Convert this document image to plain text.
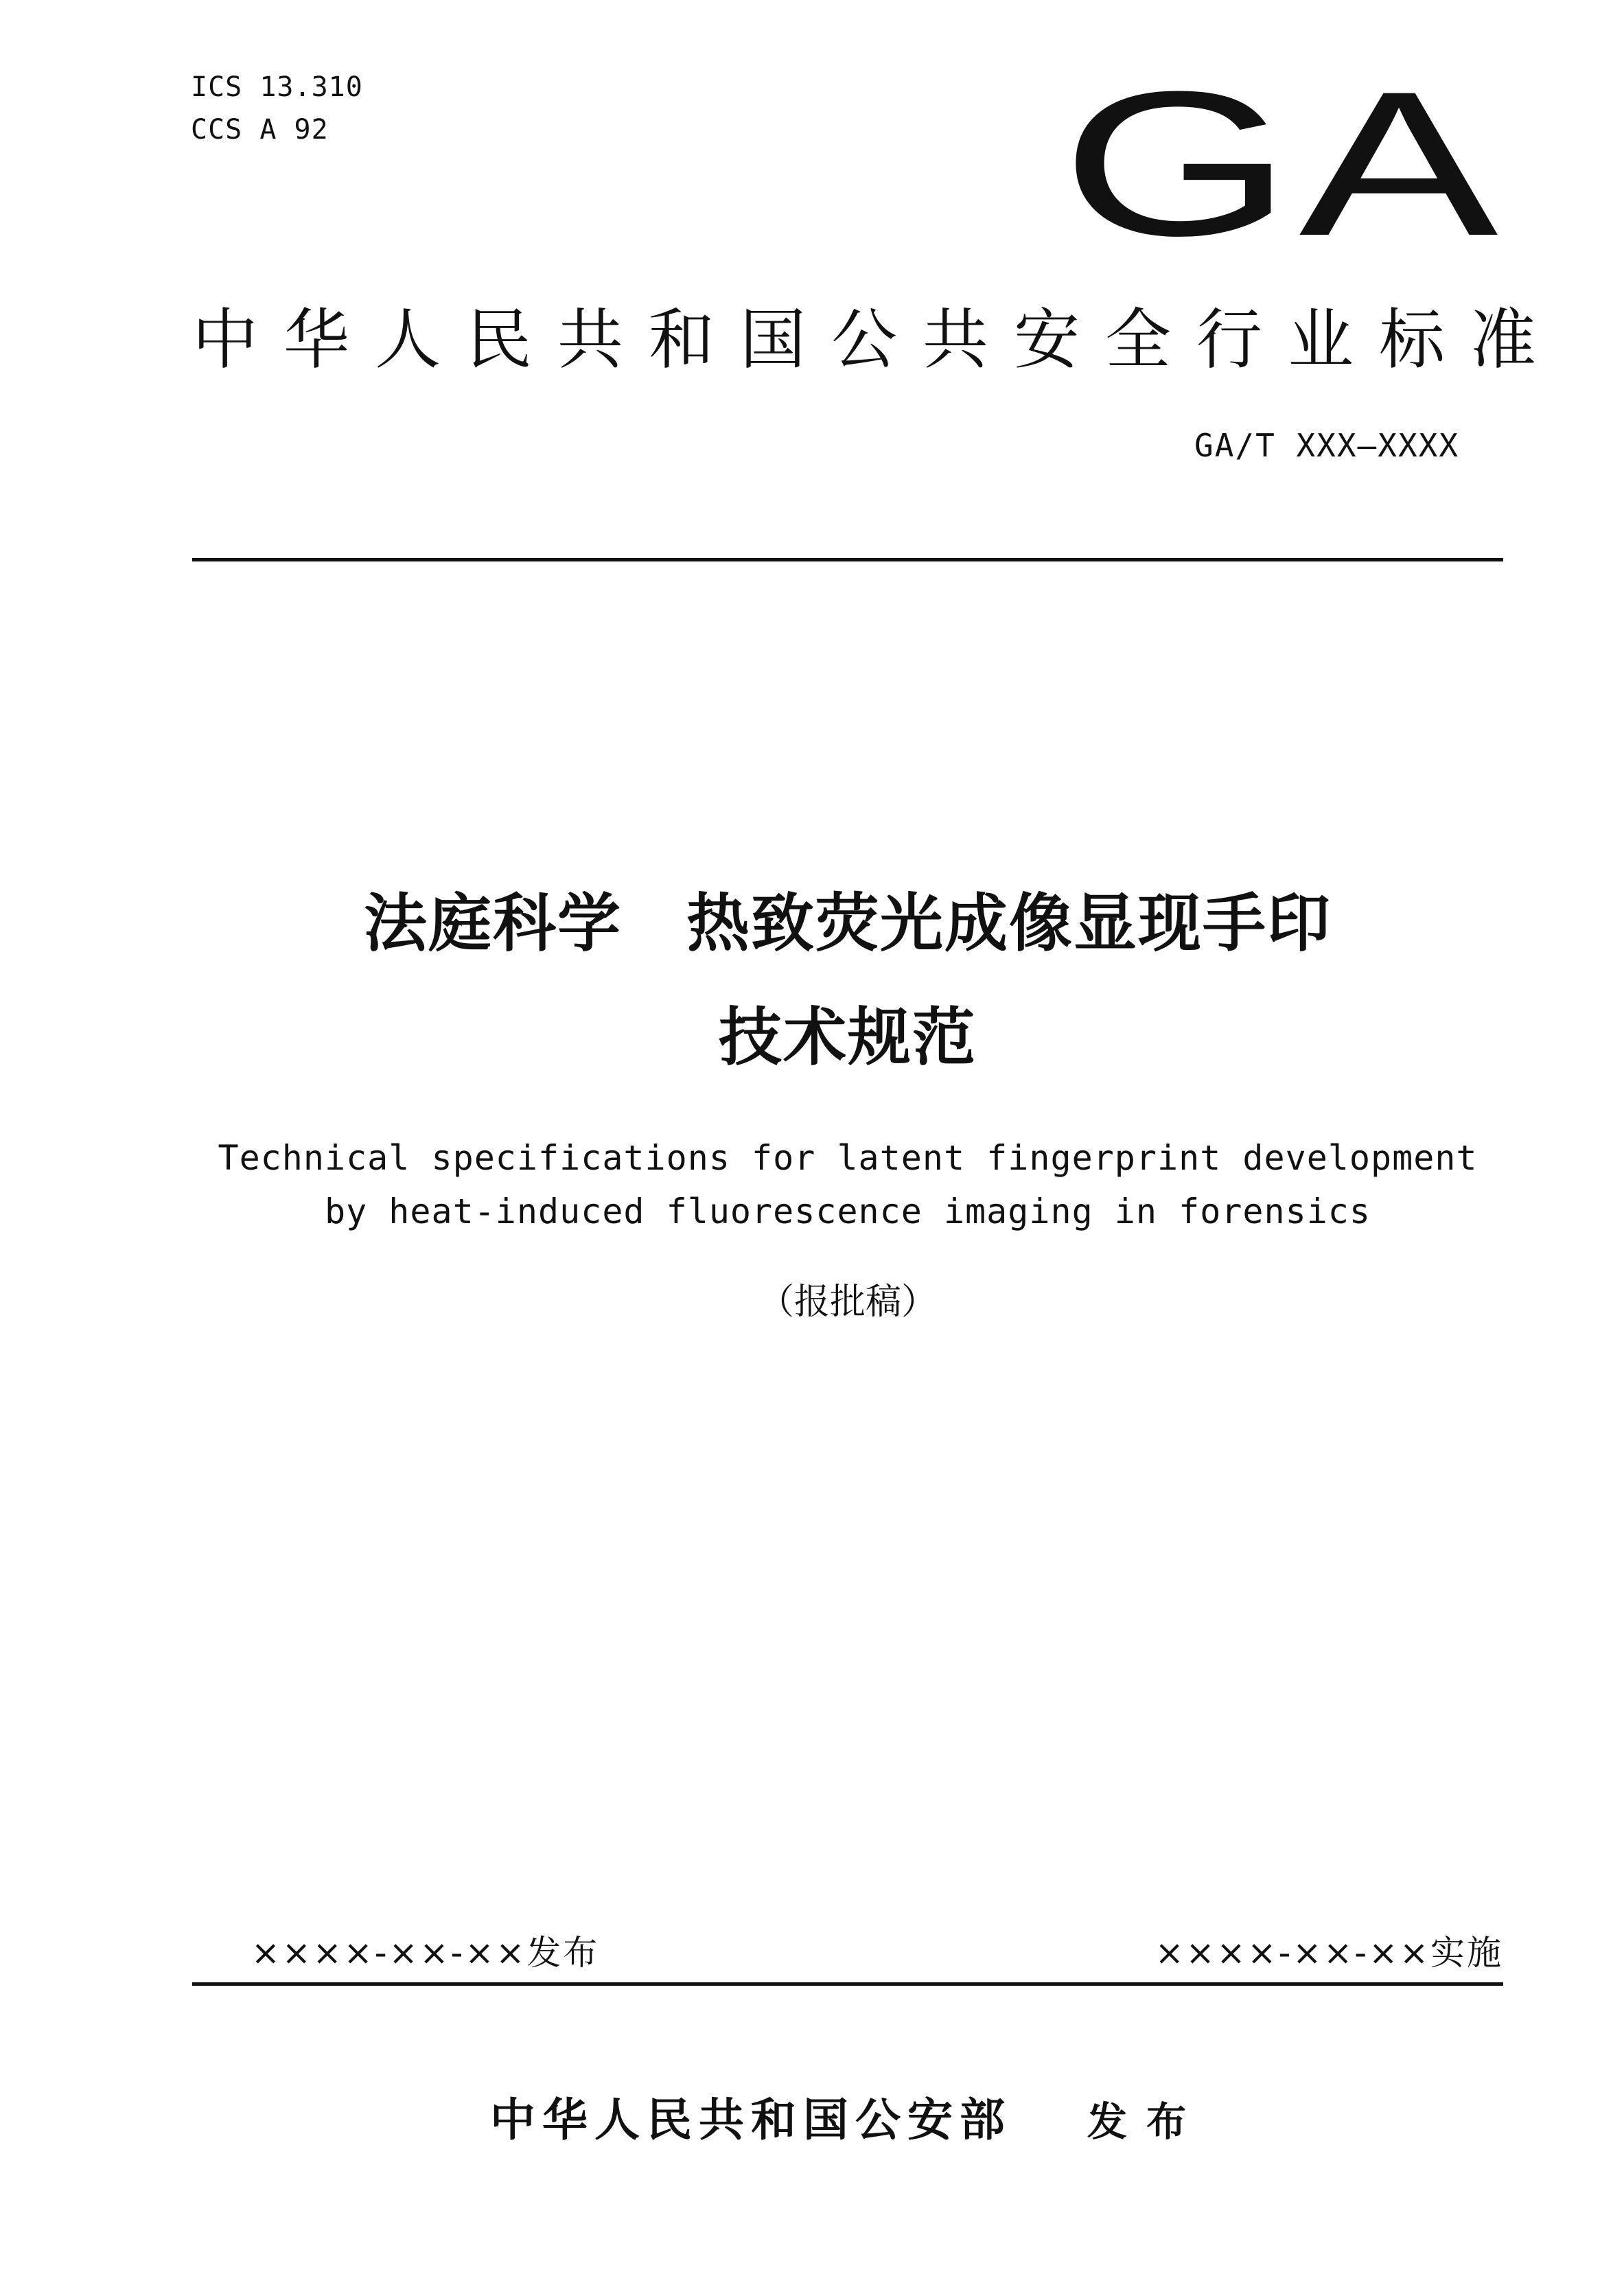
ICS 13.310
CCS A 92	GA
中华人民共和国公共安全行业标准
GA/T XXX—XXXX
法庭科学　热致荧光成像显现手印
技术规范
Technical specifications for latent fingerprint development
by heat-induced fluorescence imaging in forensics
（报批稿）
××××-××-××发布	××××-××-××实施
中华人民共和国公安部 发布
